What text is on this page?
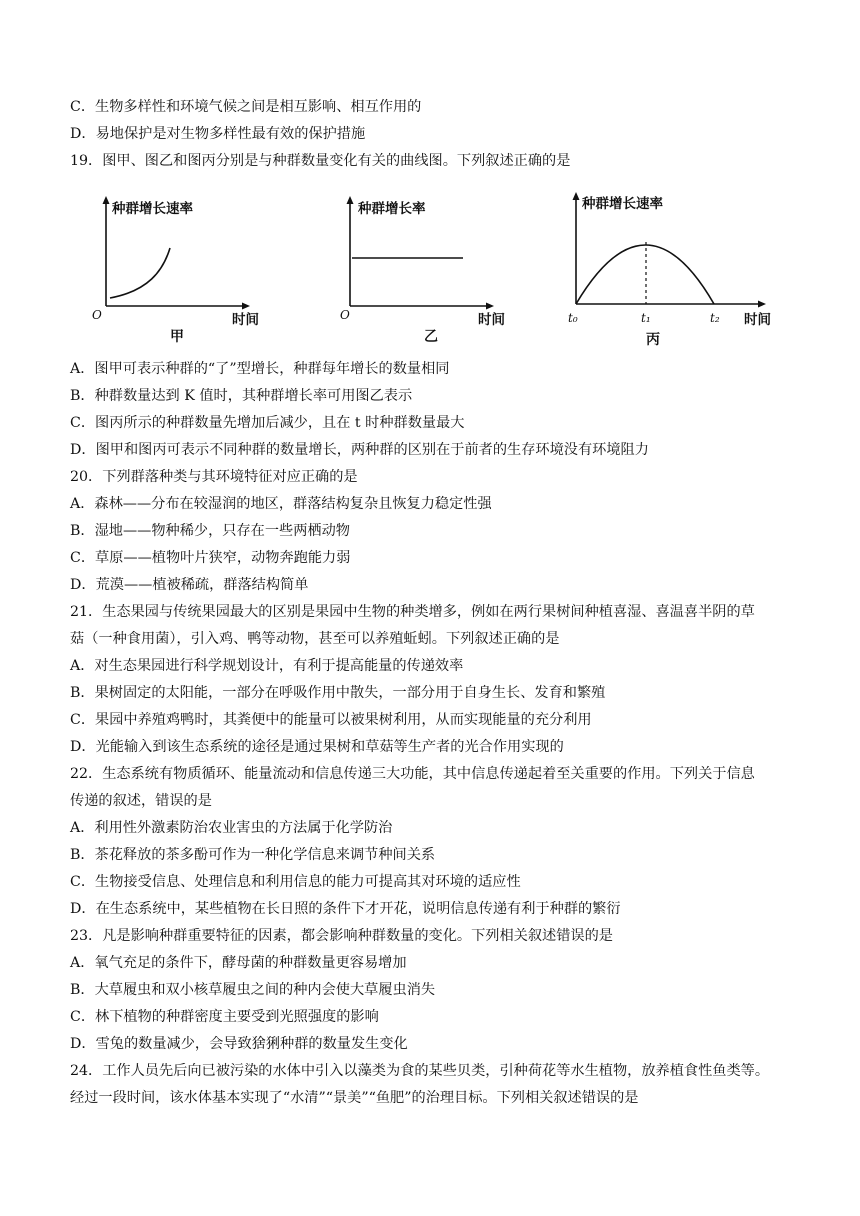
C．生物多样性和环境气候之间是相互影响、相互作用的
D．易地保护是对生物多样性最有效的保护措施
19．图甲、图乙和图丙分别是与种群数量变化有关的曲线图。下列叙述正确的是
种群增长速率
O	时间
甲
种群增长率
O	时间
乙
种群增长速率
t₀	t₁	t₂ 时间
丙
A．图甲可表示种群的“了”型增长，种群每年增长的数量相同
B．种群数量达到 K 值时，其种群增长率可用图乙表示
C．图丙所示的种群数量先增加后减少，且在 t 时种群数量最大
D．图甲和图丙可表示不同种群的数量增长，两种群的区别在于前者的生存环境没有环境阻力
20．下列群落种类与其环境特征对应正确的是
A．森林——分布在较湿润的地区，群落结构复杂且恢复力稳定性强
B．湿地——物种稀少，只存在一些两栖动物
C．草原——植物叶片狭窄，动物奔跑能力弱
D．荒漠——植被稀疏，群落结构简单
21．生态果园与传统果园最大的区别是果园中生物的种类增多，例如在两行果树间种植喜湿、喜温喜半阴的草
菇（一种食用菌），引入鸡、鸭等动物，甚至可以养殖蚯蚓。下列叙述正确的是
A．对生态果园进行科学规划设计，有利于提高能量的传递效率
B．果树固定的太阳能，一部分在呼吸作用中散失，一部分用于自身生长、发育和繁殖
C．果园中养殖鸡鸭时，其粪便中的能量可以被果树利用，从而实现能量的充分利用
D．光能输入到该生态系统的途径是通过果树和草菇等生产者的光合作用实现的
22．生态系统有物质循环、能量流动和信息传递三大功能，其中信息传递起着至关重要的作用。下列关于信息
传递的叙述，错误的是
A．利用性外激素防治农业害虫的方法属于化学防治
B．茶花释放的茶多酚可作为一种化学信息来调节种间关系
C．生物接受信息、处理信息和利用信息的能力可提高其对环境的适应性
D．在生态系统中，某些植物在长日照的条件下才开花，说明信息传递有利于种群的繁衍
23．凡是影响种群重要特征的因素，都会影响种群数量的变化。下列相关叙述错误的是
A．氧气充足的条件下，酵母菌的种群数量更容易增加
B．大草履虫和双小核草履虫之间的种内会使大草履虫消失
C．林下植物的种群密度主要受到光照强度的影响
D．雪兔的数量减少，会导致猞猁种群的数量发生变化
24．工作人员先后向已被污染的水体中引入以藻类为食的某些贝类，引种荷花等水生植物，放养植食性鱼类等。
经过一段时间，该水体基本实现了“水清”“景美”“鱼肥”的治理目标。下列相关叙述错误的是
